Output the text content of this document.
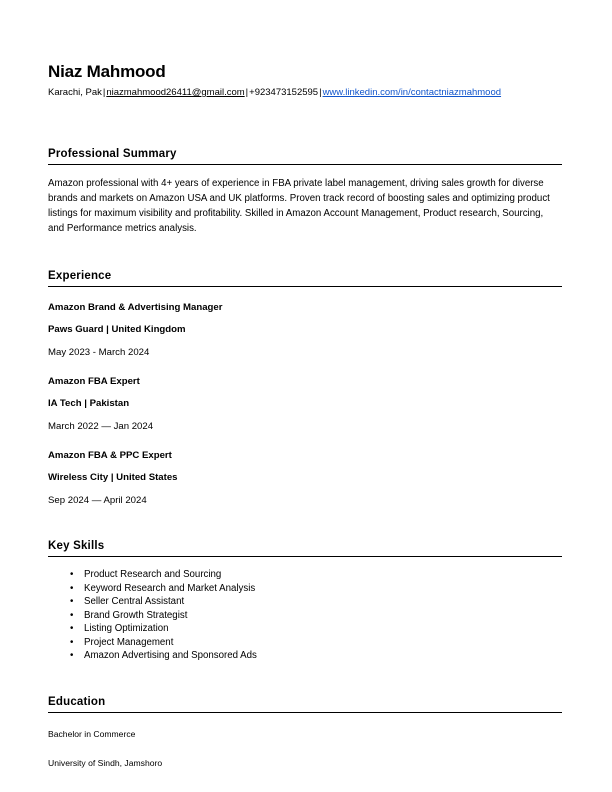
Niaz Mahmood
Karachi, Pak|niazmahmood26411@gmail.com|+923473152595|www.linkedin.com/in/contactniazmahmood
Professional Summary

Amazon professional with 4+ years of experience in FBA private label management, driving sales growth for diverse brands and markets on Amazon USA and UK platforms. Proven track record of boosting sales and optimizing product listings for maximum visibility and profitability. Skilled in Amazon Account Management, Product research, Sourcing, and Performance metrics analysis.

Experience
Amazon Brand & Advertising Manager
Paws Guard | United Kingdom
May 2023 - March 2024
Amazon FBA Expert
IA Tech | Pakistan
March 2022 — Jan 2024
Amazon FBA & PPC Expert
Wireless City | United States
Sep 2024 — April 2024
Key Skills
• Product Research and Sourcing
• Keyword Research and Market Analysis
• Seller Central Assistant
• Brand Growth Strategist
• Listing Optimization
• Project Management
• Amazon Advertising and Sponsored Ads
Education
Bachelor in Commerce
University of Sindh, Jamshoro
